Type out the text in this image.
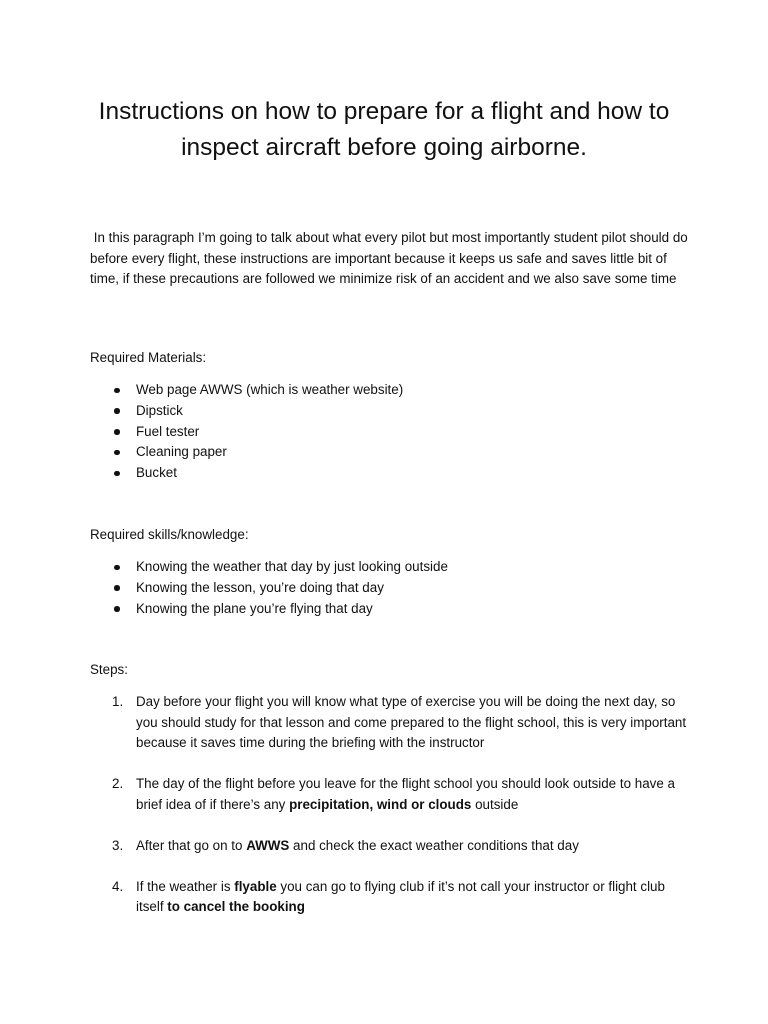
Instructions on how to prepare for a flight and how to inspect aircraft before going airborne.

In this paragraph I’m going to talk about what every pilot but most importantly student pilot should do before every flight, these instructions are important because it keeps us safe and saves little bit of time, if these precautions are followed we minimize risk of an accident and we also save some time

Required Materials:

Web page AWWS (which is weather website)
Dipstick
Fuel tester
Cleaning paper
Bucket

Required skills/knowledge:

Knowing the weather that day by just looking outside
Knowing the lesson, you’re doing that day
Knowing the plane you’re flying that day

Steps:

1. Day before your flight you will know what type of exercise you will be doing the next day, so you should study for that lesson and come prepared to the flight school, this is very important because it saves time during the briefing with the instructor
2. The day of the flight before you leave for the flight school you should look outside to have a brief idea of if there’s any precipitation, wind or clouds outside
3. After that go on to AWWS and check the exact weather conditions that day
4. If the weather is flyable you can go to flying club if it’s not call your instructor or flight club itself to cancel the booking
